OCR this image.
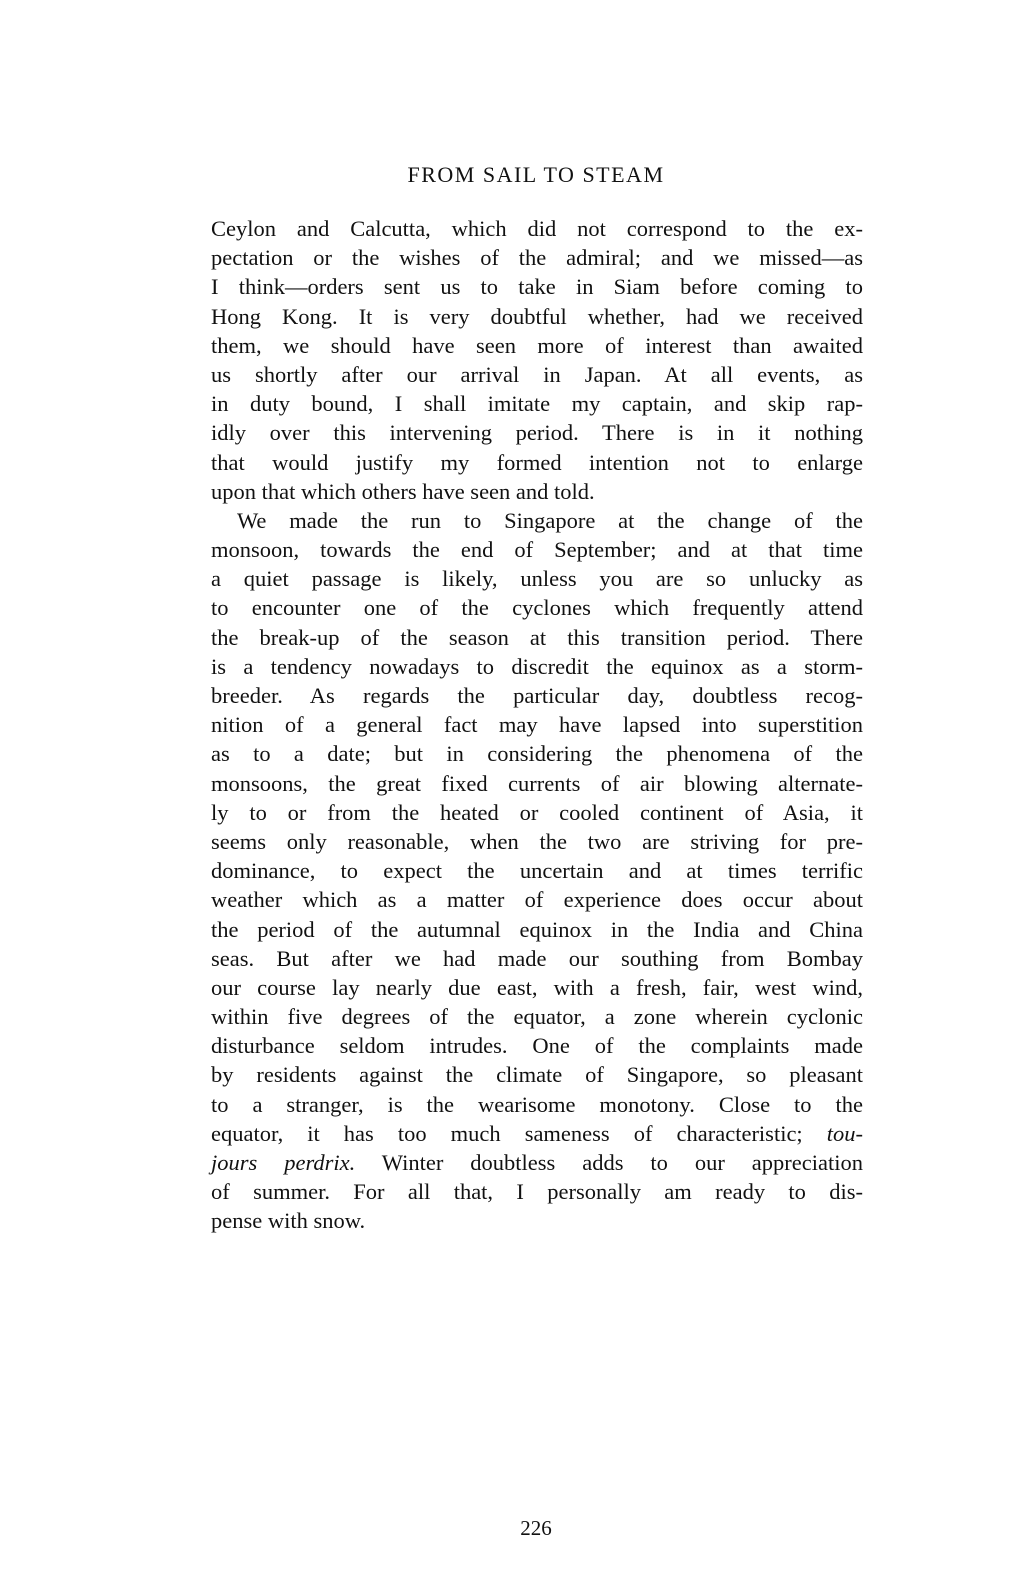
FROM SAIL TO STEAM
Ceylon and Calcutta, which did not correspond to the ex-
pectation or the wishes of the admiral; and we missed—as
I think—orders sent us to take in Siam before coming to
Hong Kong. It is very doubtful whether, had we received
them, we should have seen more of interest than awaited
us shortly after our arrival in Japan. At all events, as
in duty bound, I shall imitate my captain, and skip rap-
idly over this intervening period. There is in it nothing
that would justify my formed intention not to enlarge
upon that which others have seen and told.
We made the run to Singapore at the change of the
monsoon, towards the end of September; and at that time
a quiet passage is likely, unless you are so unlucky as
to encounter one of the cyclones which frequently attend
the break-up of the season at this transition period. There
is a tendency nowadays to discredit the equinox as a storm-
breeder. As regards the particular day, doubtless recog-
nition of a general fact may have lapsed into superstition
as to a date; but in considering the phenomena of the
monsoons, the great fixed currents of air blowing alternate-
ly to or from the heated or cooled continent of Asia, it
seems only reasonable, when the two are striving for pre-
dominance, to expect the uncertain and at times terrific
weather which as a matter of experience does occur about
the period of the autumnal equinox in the India and China
seas. But after we had made our southing from Bombay
our course lay nearly due east, with a fresh, fair, west wind,
within five degrees of the equator, a zone wherein cyclonic
disturbance seldom intrudes. One of the complaints made
by residents against the climate of Singapore, so pleasant
to a stranger, is the wearisome monotony. Close to the
equator, it has too much sameness of characteristic; tou-
jours perdrix. Winter doubtless adds to our appreciation
of summer. For all that, I personally am ready to dis-
pense with snow.
226
